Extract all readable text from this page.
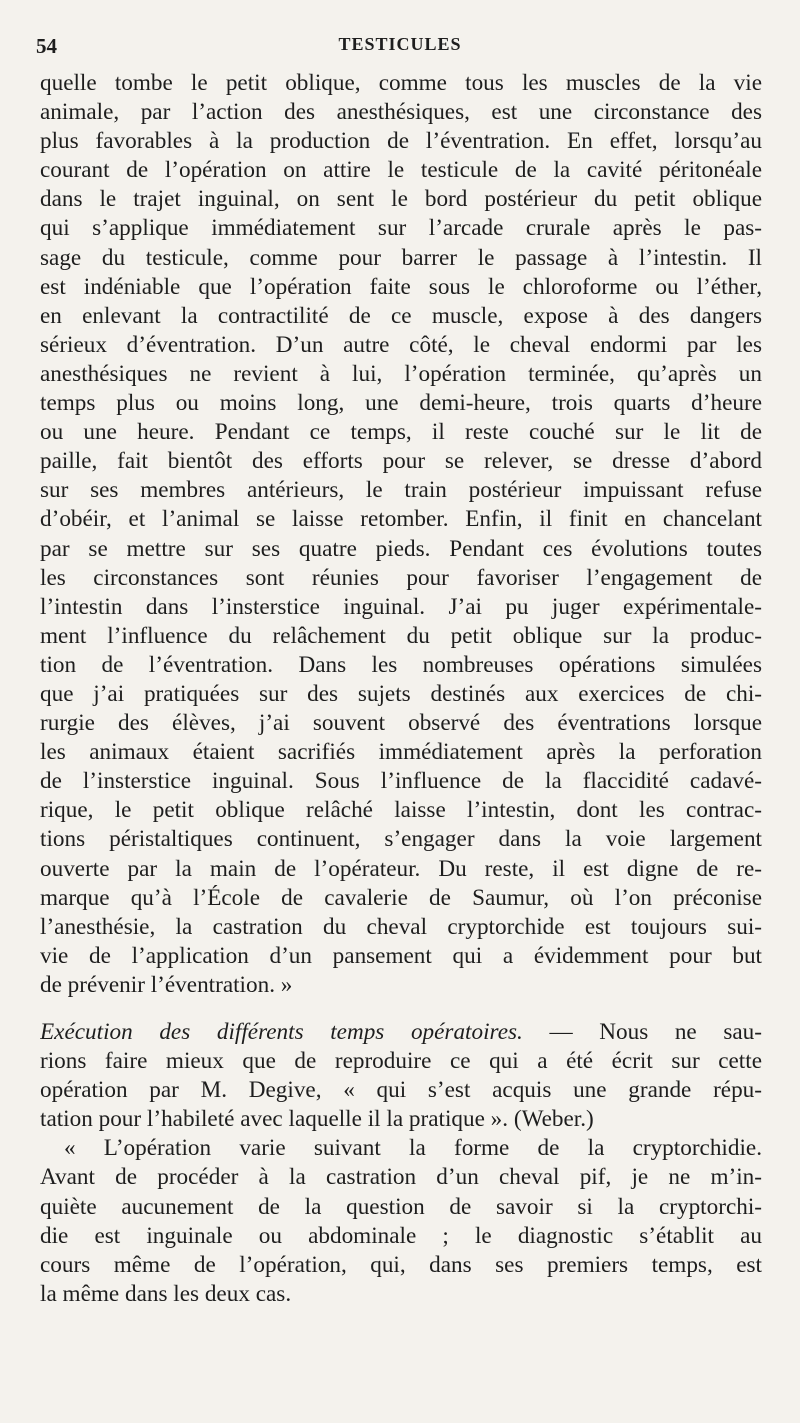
54	TESTICULES
quelle tombe le petit oblique, comme tous les muscles de la vie
animale, par l’action des anesthésiques, est une circonstance des
plus favorables à la production de l’éventration. En effet, lorsqu’au
courant de l’opération on attire le testicule de la cavité péritonéale
dans le trajet inguinal, on sent le bord postérieur du petit oblique
qui s’applique immédiatement sur l’arcade crurale après le pas-
sage du testicule, comme pour barrer le passage à l’intestin. Il
est indéniable que l’opération faite sous le chloroforme ou l’éther,
en enlevant la contractilité de ce muscle, expose à des dangers
sérieux d’éventration. D’un autre côté, le cheval endormi par les
anesthésiques ne revient à lui, l’opération terminée, qu’après un
temps plus ou moins long, une demi-heure, trois quarts d’heure
ou une heure. Pendant ce temps, il reste couché sur le lit de
paille, fait bientôt des efforts pour se relever, se dresse d’abord
sur ses membres antérieurs, le train postérieur impuissant refuse
d’obéir, et l’animal se laisse retomber. Enfin, il finit en chancelant
par se mettre sur ses quatre pieds. Pendant ces évolutions toutes
les circonstances sont réunies pour favoriser l’engagement de
l’intestin dans l’insterstice inguinal. J’ai pu juger expérimentale-
ment l’influence du relâchement du petit oblique sur la produc-
tion de l’éventration. Dans les nombreuses opérations simulées
que j’ai pratiquées sur des sujets destinés aux exercices de chi-
rurgie des élèves, j’ai souvent observé des éventrations lorsque
les animaux étaient sacrifiés immédiatement après la perforation
de l’insterstice inguinal. Sous l’influence de la flaccidité cadavé-
rique, le petit oblique relâché laisse l’intestin, dont les contrac-
tions péristaltiques continuent, s’engager dans la voie largement
ouverte par la main de l’opérateur. Du reste, il est digne de re-
marque qu’à l’École de cavalerie de Saumur, où l’on préconise
l’anesthésie, la castration du cheval cryptorchide est toujours sui-
vie de l’application d’un pansement qui a évidemment pour but
de prévenir l’éventration. »
Exécution des différents temps opératoires. — Nous ne sau-
rions faire mieux que de reproduire ce qui a été écrit sur cette
opération par M. Degive, « qui s’est acquis une grande répu-
tation pour l’habileté avec laquelle il la pratique ». (Weber.)
« L’opération varie suivant la forme de la cryptorchidie.
Avant de procéder à la castration d’un cheval pif, je ne m’in-
quiète aucunement de la question de savoir si la cryptorchi-
die est inguinale ou abdominale ; le diagnostic s’établit au
cours même de l’opération, qui, dans ses premiers temps, est
la même dans les deux cas.
